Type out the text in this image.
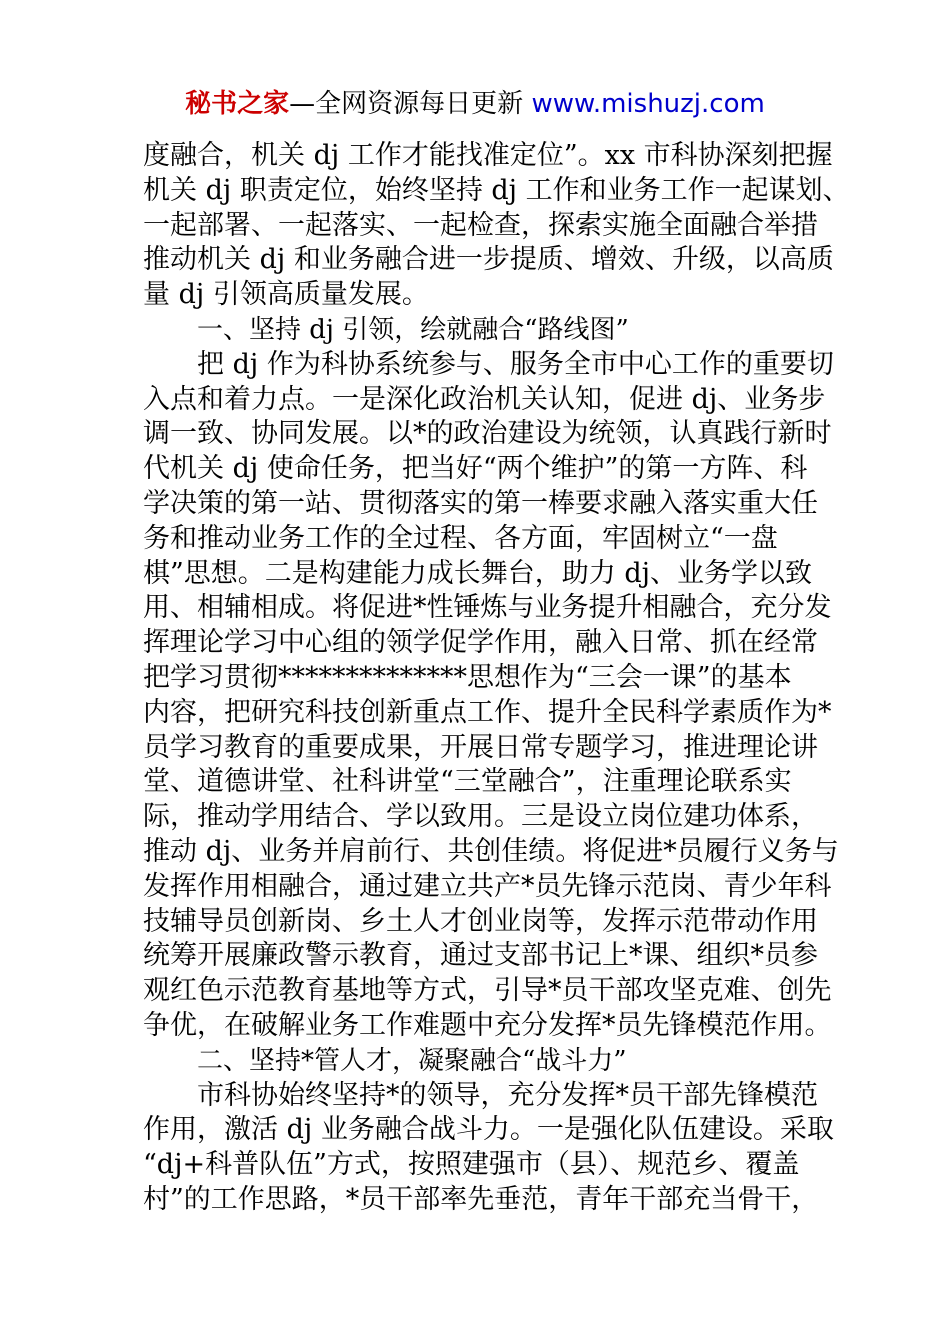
秘书之家—全网资源每日更新 www.mishuzj.com
度融合，机关 dj 工作才能找准定位”。xx 市科协深刻把握
机关 dj 职责定位，始终坚持 dj 工作和业务工作一起谋划、
一起部署、一起落实、一起检查，探索实施全面融合举措
推动机关 dj 和业务融合进一步提质、增效、升级，以高质
量 dj 引领高质量发展。
一、坚持 dj 引领，绘就融合“路线图”
把 dj 作为科协系统参与、服务全市中心工作的重要切
入点和着力点。一是深化政治机关认知，促进 dj、业务步
调一致、协同发展。以*的政治建设为统领，认真践行新时
代机关 dj 使命任务，把当好“两个维护”的第一方阵、科
学决策的第一站、贯彻落实的第一棒要求融入落实重大任
务和推动业务工作的全过程、各方面，牢固树立“一盘
棋”思想。二是构建能力成长舞台，助力 dj、业务学以致
用、相辅相成。将促进*性锤炼与业务提升相融合，充分发
挥理论学习中心组的领学促学作用，融入日常、抓在经常
把学习贯彻**************思想作为“三会一课”的基本
内容，把研究科技创新重点工作、提升全民科学素质作为*
员学习教育的重要成果，开展日常专题学习，推进理论讲
堂、道德讲堂、社科讲堂“三堂融合”，注重理论联系实
际，推动学用结合、学以致用。三是设立岗位建功体系，
推动 dj、业务并肩前行、共创佳绩。将促进*员履行义务与
发挥作用相融合，通过建立共产*员先锋示范岗、青少年科
技辅导员创新岗、乡土人才创业岗等，发挥示范带动作用
统筹开展廉政警示教育，通过支部书记上*课、组织*员参
观红色示范教育基地等方式，引导*员干部攻坚克难、创先
争优，在破解业务工作难题中充分发挥*员先锋模范作用。
二、坚持*管人才，凝聚融合“战斗力”
市科协始终坚持*的领导，充分发挥*员干部先锋模范
作用，激活 dj 业务融合战斗力。一是强化队伍建设。采取
“dj+科普队伍”方式，按照建强市（县）、规范乡、覆盖
村”的工作思路，*员干部率先垂范，青年干部充当骨干，
